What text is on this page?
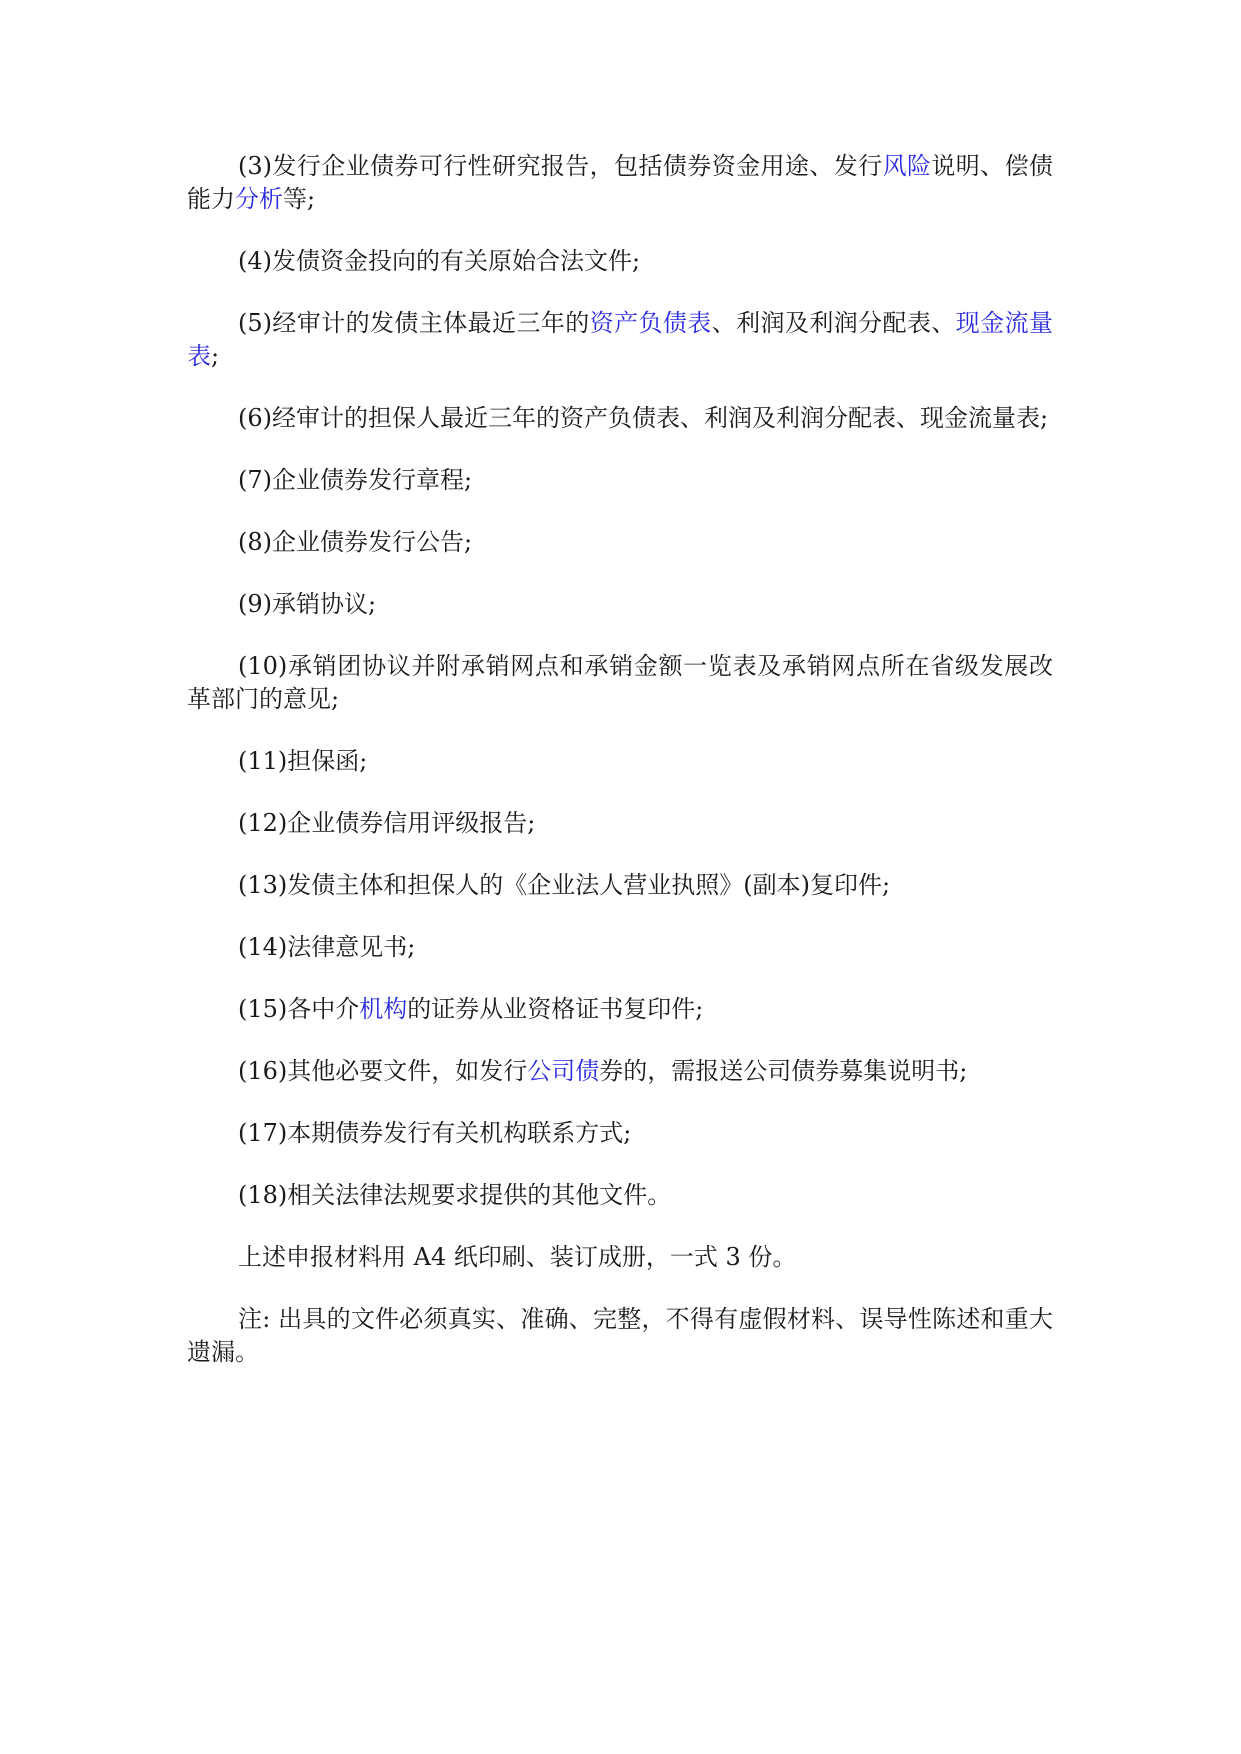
(3)发行企业债券可行性研究报告，包括债券资金用途、发行风险说明、偿债能力分析等;

(4)发债资金投向的有关原始合法文件;

(5)经审计的发债主体最近三年的资产负债表、利润及利润分配表、现金流量表;

(6)经审计的担保人最近三年的资产负债表、利润及利润分配表、现金流量表;

(7)企业债券发行章程;

(8)企业债券发行公告;

(9)承销协议;

(10)承销团协议并附承销网点和承销金额一览表及承销网点所在省级发展改革部门的意见;

(11)担保函;

(12)企业债券信用评级报告;

(13)发债主体和担保人的《企业法人营业执照》(副本)复印件;

(14)法律意见书;

(15)各中介机构的证券从业资格证书复印件;

(16)其他必要文件，如发行公司债券的，需报送公司债券募集说明书;

(17)本期债券发行有关机构联系方式;

(18)相关法律法规要求提供的其他文件。

上述申报材料用 A4 纸印刷、装订成册，一式 3 份。

注: 出具的文件必须真实、准确、完整，不得有虚假材料、误导性陈述和重大遗漏。
